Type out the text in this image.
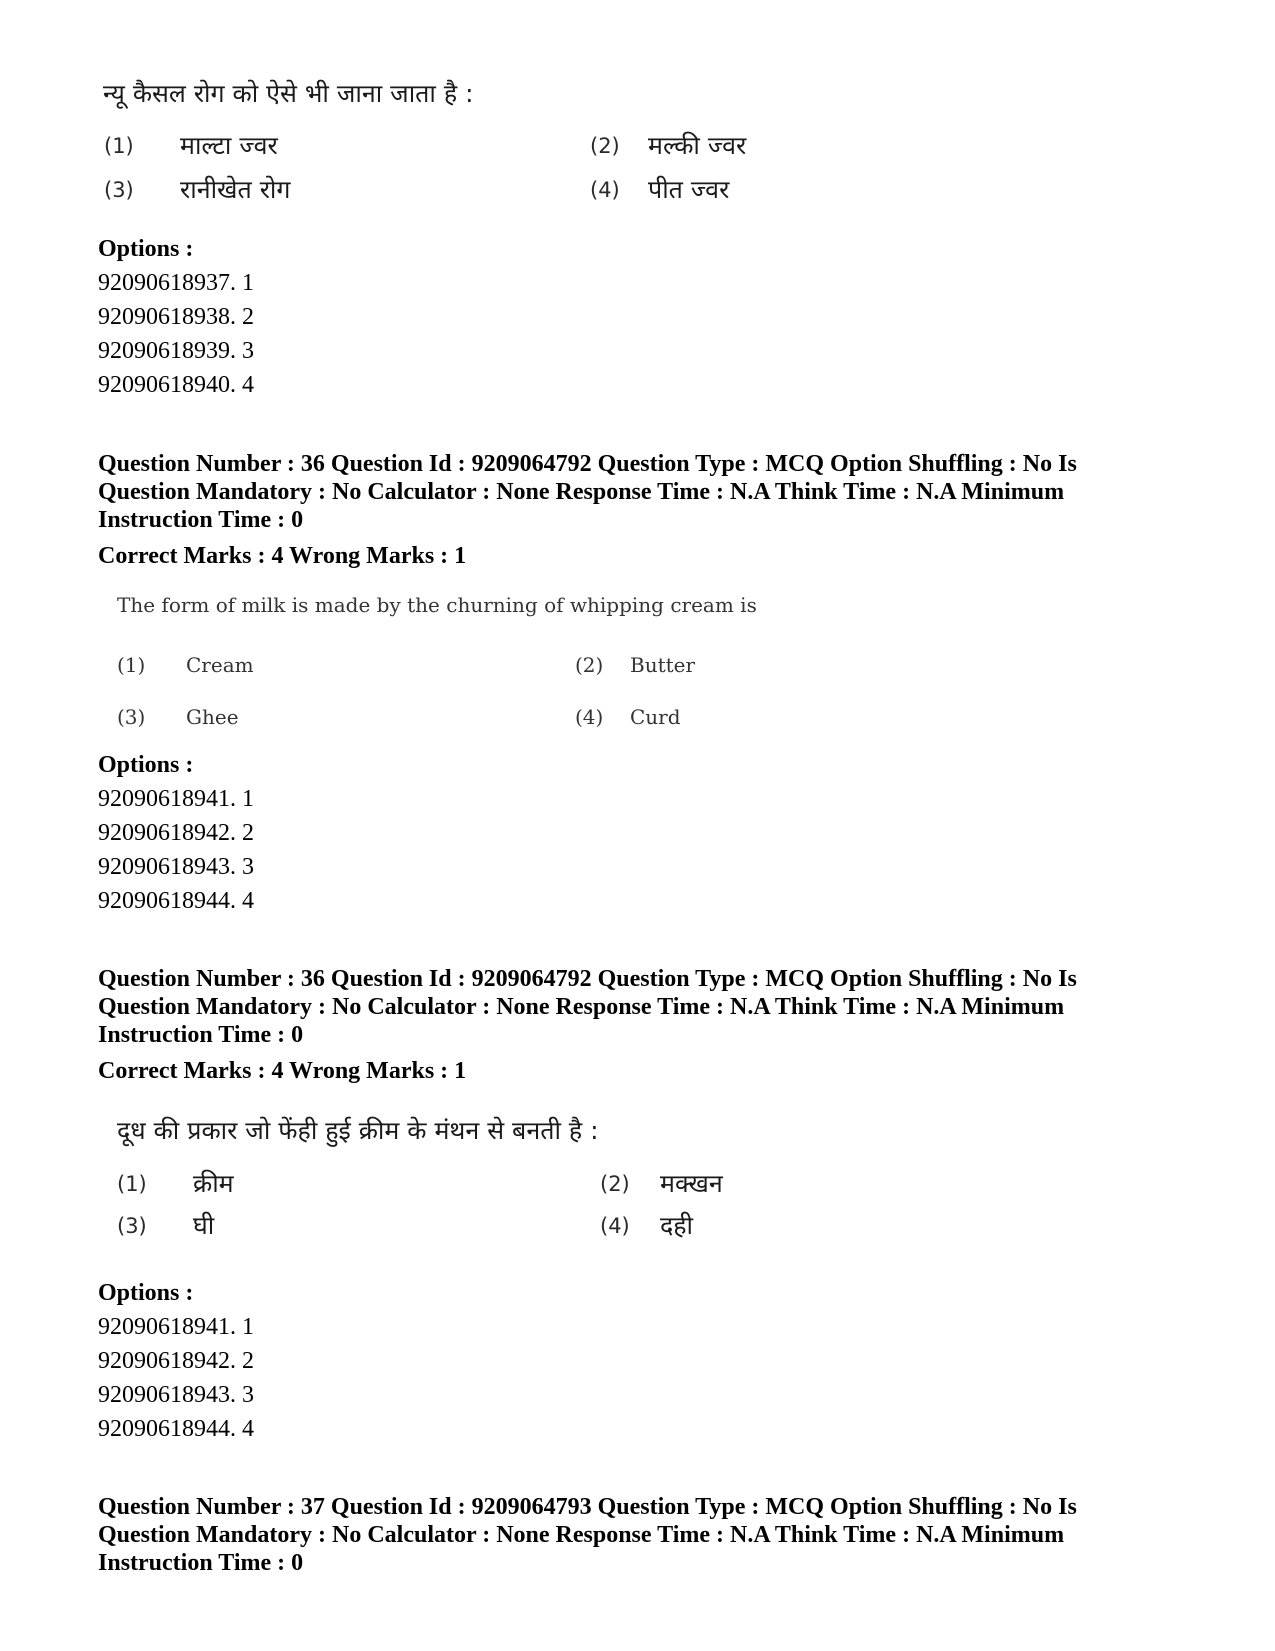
न्यू कैसल रोग को ऐसे भी जाना जाता है :
(1) माल्टा ज्वर	(2) मल्की ज्वर
(3) रानीखेत रोग	(4) पीत ज्वर
Options :
92090618937. 1
92090618938. 2
92090618939. 3
92090618940. 4
Question Number : 36 Question Id : 9209064792 Question Type : MCQ Option Shuffling : No Is
Question Mandatory : No Calculator : None Response Time : N.A Think Time : N.A Minimum
Instruction Time : 0
Correct Marks : 4 Wrong Marks : 1
The form of milk is made by the churning of whipping cream is
(1) Cream	(2) Butter
(3) Ghee	(4) Curd
Options :
92090618941. 1
92090618942. 2
92090618943. 3
92090618944. 4
Question Number : 36 Question Id : 9209064792 Question Type : MCQ Option Shuffling : No Is
Question Mandatory : No Calculator : None Response Time : N.A Think Time : N.A Minimum
Instruction Time : 0
Correct Marks : 4 Wrong Marks : 1
दूध की प्रकार जो फेंही हुई क्रीम के मंथन से बनती है :
(1) क्रीम	(2) मक्खन
(3) घी	(4) दही
Options :
92090618941. 1
92090618942. 2
92090618943. 3
92090618944. 4
Question Number : 37 Question Id : 9209064793 Question Type : MCQ Option Shuffling : No Is
Question Mandatory : No Calculator : None Response Time : N.A Think Time : N.A Minimum
Instruction Time : 0
